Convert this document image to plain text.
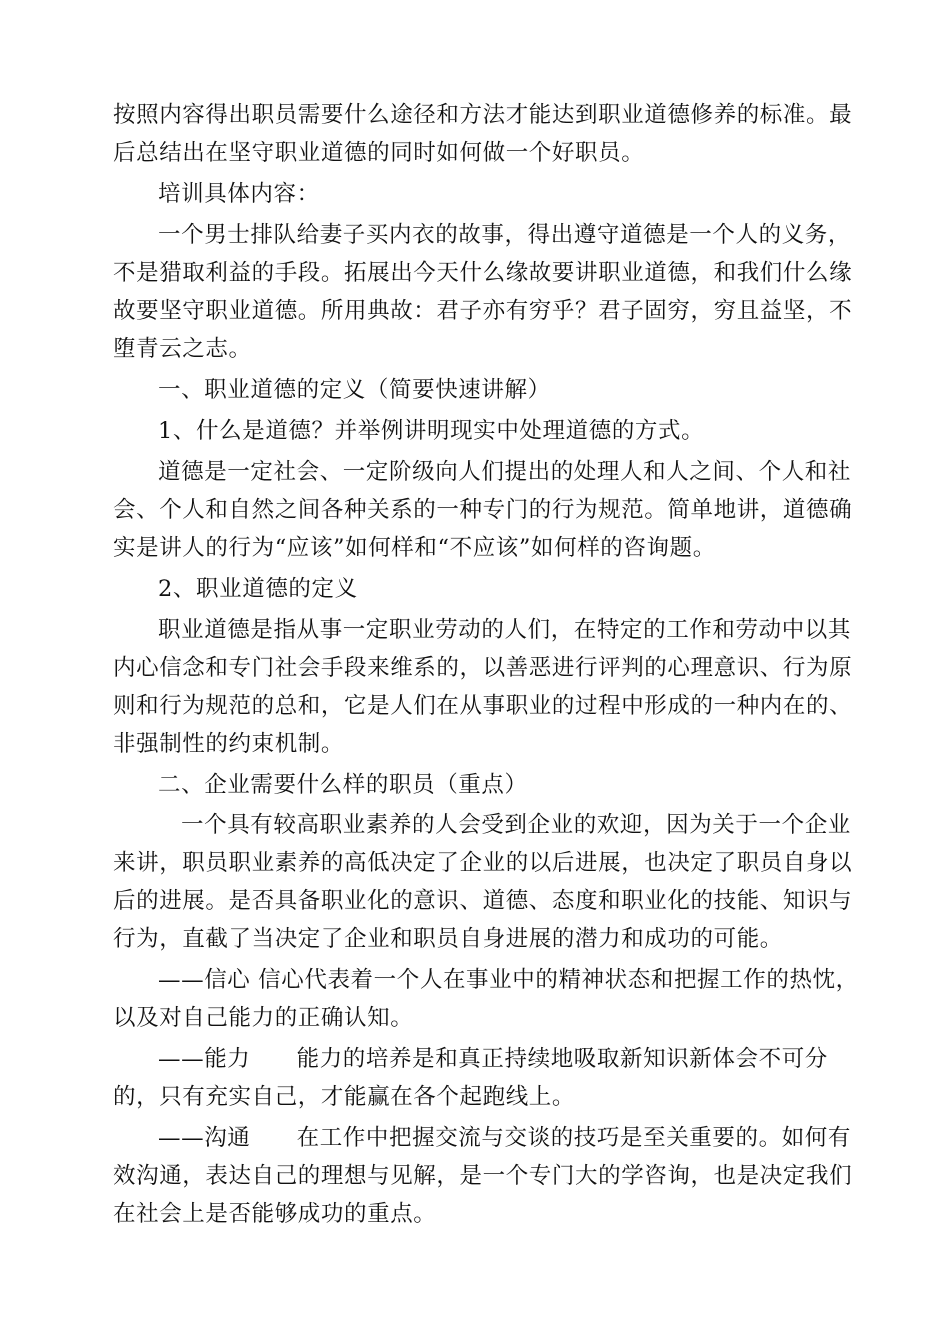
按照内容得出职员需要什么途径和方法才能达到职业道德修养的标准。最
后总结出在坚守职业道德的同时如何做一个好职员。
培训具体内容：
一个男士排队给妻子买内衣的故事，得出遵守道德是一个人的义务，
不是猎取利益的手段。拓展出今天什么缘故要讲职业道德，和我们什么缘
故要坚守职业道德。所用典故：君子亦有穷乎？君子固穷，穷且益坚，不
堕青云之志。
一、职业道德的定义（简要快速讲解）
1、什么是道德？并举例讲明现实中处理道德的方式。
道德是一定社会、一定阶级向人们提出的处理人和人之间、个人和社
会、个人和自然之间各种关系的一种专门的行为规范。简单地讲，道德确
实是讲人的行为“应该”如何样和“不应该”如何样的咨询题。
2、职业道德的定义
职业道德是指从事一定职业劳动的人们，在特定的工作和劳动中以其
内心信念和专门社会手段来维系的，以善恶进行评判的心理意识、行为原
则和行为规范的总和，它是人们在从事职业的过程中形成的一种内在的、
非强制性的约束机制。
二、企业需要什么样的职员（重点）
一个具有较高职业素养的人会受到企业的欢迎，因为关于一个企业
来讲，职员职业素养的高低决定了企业的以后进展，也决定了职员自身以
后的进展。是否具备职业化的意识、道德、态度和职业化的技能、知识与
行为，直截了当决定了企业和职员自身进展的潜力和成功的可能。
——信心 信心代表着一个人在事业中的精神状态和把握工作的热忱，
以及对自己能力的正确认知。
——能力　　能力的培养是和真正持续地吸取新知识新体会不可分
的，只有充实自己，才能赢在各个起跑线上。
——沟通　　在工作中把握交流与交谈的技巧是至关重要的。如何有
效沟通，表达自己的理想与见解，是一个专门大的学咨询，也是决定我们
在社会上是否能够成功的重点。
